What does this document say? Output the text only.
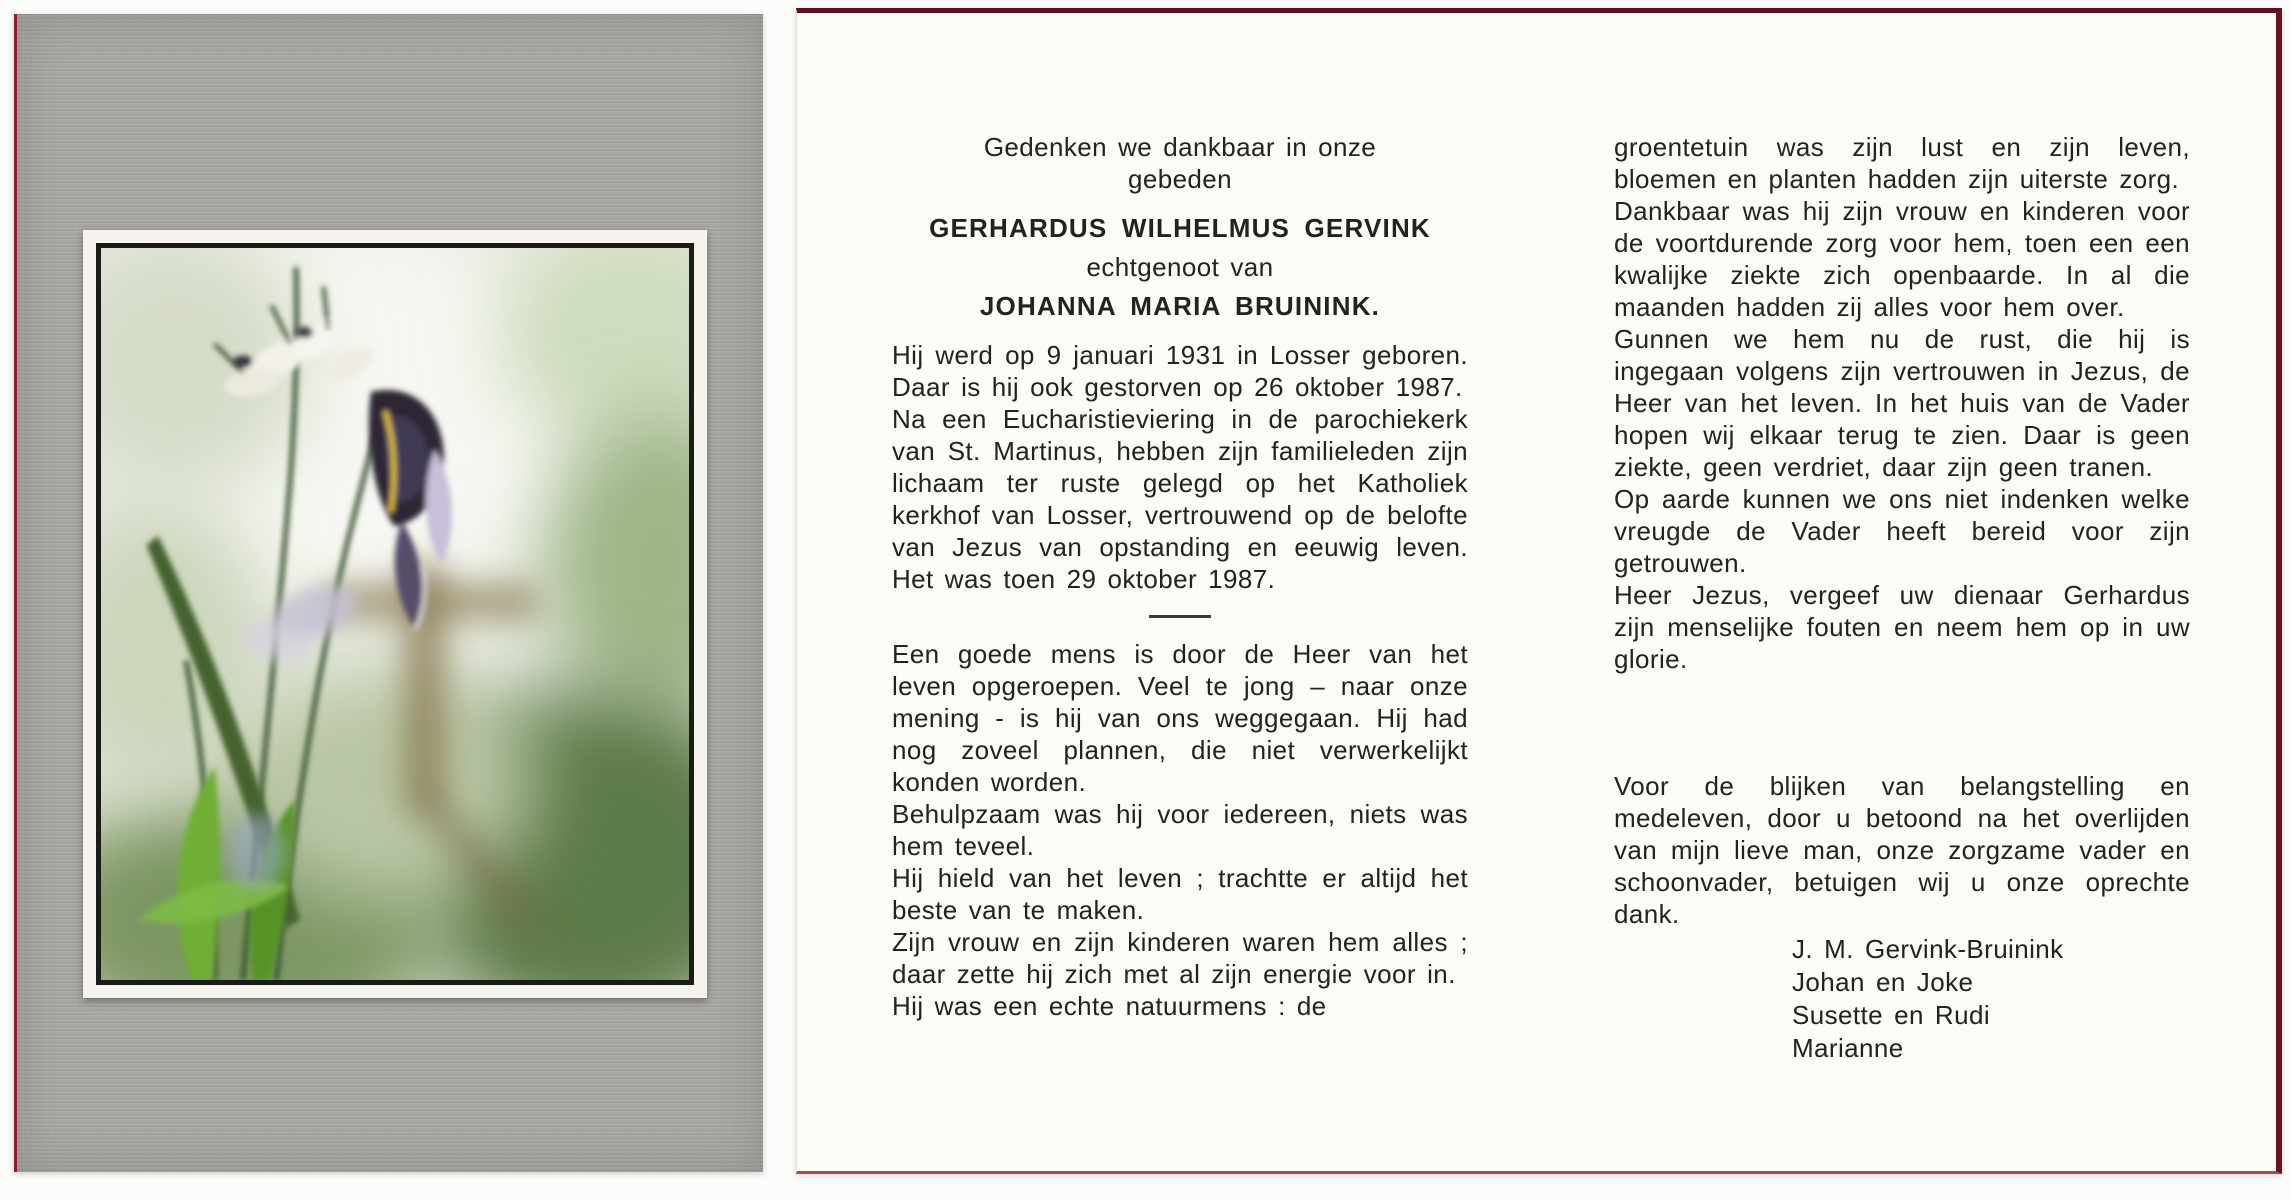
Gedenken we dankbaar in onze
gebeden
GERHARDUS WILHELMUS GERVINK
echtgenoot van
JOHANNA MARIA BRUININK.

Hij werd op 9 januari 1931 in Losser geboren. Daar is hij ook gestorven op 26 oktober 1987.

Na een Eucharistieviering in de parochiekerk van St. Martinus, hebben zijn familieleden zijn lichaam ter ruste gelegd op het Katholiek kerkhof van Losser, vertrouwend op de belofte van Jezus van opstanding en eeuwig leven. Het was toen 29 oktober 1987.

Een goede mens is door de Heer van het leven opgeroepen. Veel te jong – naar onze mening - is hij van ons weggegaan. Hij had nog zoveel plannen, die niet verwerkelijkt konden worden.

Behulpzaam was hij voor iedereen, niets was hem teveel.

Hij hield van het leven ; trachtte er altijd het beste van te maken.

Zijn vrouw en zijn kinderen waren hem alles ; daar zette hij zich met al zijn energie voor in.

Hij was een echte natuurmens : de

groentetuin was zijn lust en zijn leven, bloemen en planten hadden zijn uiterste zorg.

Dankbaar was hij zijn vrouw en kinderen voor de voortdurende zorg voor hem, toen een een kwalijke ziekte zich openbaarde. In al die maanden hadden zij alles voor hem over.

Gunnen we hem nu de rust, die hij is ingegaan volgens zijn vertrouwen in Jezus, de Heer van het leven. In het huis van de Vader hopen wij elkaar terug te zien. Daar is geen ziekte, geen verdriet, daar zijn geen tranen.

Op aarde kunnen we ons niet indenken welke vreugde de Vader heeft bereid voor zijn getrouwen.

Heer Jezus, vergeef uw dienaar Gerhardus zijn menselijke fouten en neem hem op in uw glorie.

Voor de blijken van belangstelling en medeleven, door u betoond na het overlijden van mijn lieve man, onze zorgzame vader en schoonvader, betuigen wij u onze oprechte dank.

J. M. Gervink-Bruinink
Johan en Joke
Susette en Rudi
Marianne
